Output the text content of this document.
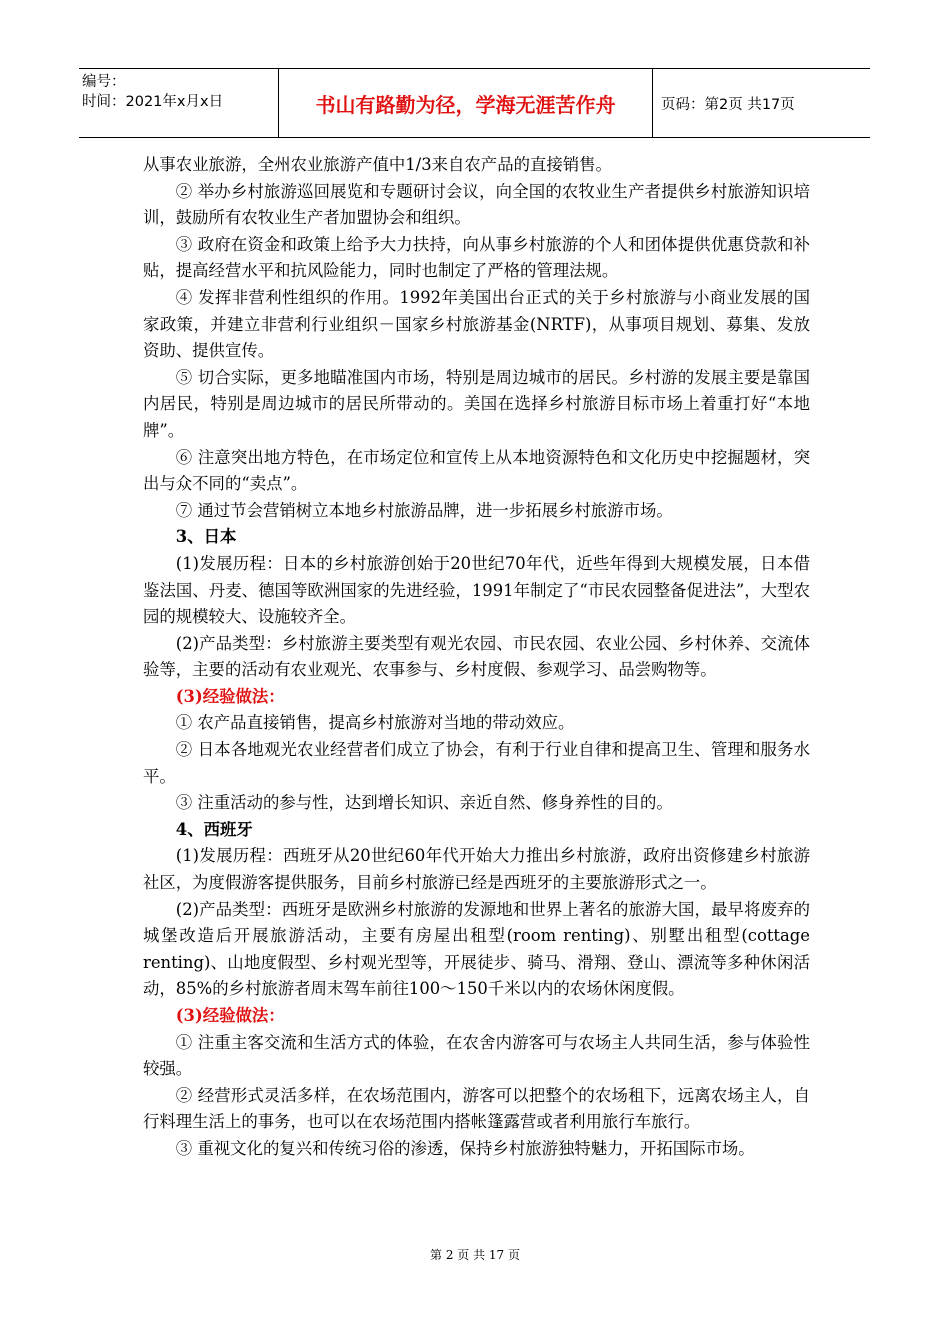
编号：
时间：2021年x月x日	书山有路勤为径，学海无涯苦作舟	页码：第2页 共17页

从事农业旅游，全州农业旅游产值中1/3来自农产品的直接销售。

② 举办乡村旅游巡回展览和专题研讨会议，向全国的农牧业生产者提供乡村旅游知识培训，鼓励所有农牧业生产者加盟协会和组织。

③ 政府在资金和政策上给予大力扶持，向从事乡村旅游的个人和团体提供优惠贷款和补贴，提高经营水平和抗风险能力，同时也制定了严格的管理法规。

④ 发挥非营利性组织的作用。1992年美国出台正式的关于乡村旅游与小商业发展的国家政策，并建立非营利行业组织－国家乡村旅游基金(NRTF)，从事项目规划、募集、发放资助、提供宣传。

⑤ 切合实际，更多地瞄准国内市场，特别是周边城市的居民。乡村游的发展主要是靠国内居民，特别是周边城市的居民所带动的。美国在选择乡村旅游目标市场上着重打好“本地牌”。

⑥ 注意突出地方特色，在市场定位和宣传上从本地资源特色和文化历史中挖掘题材，突出与众不同的“卖点”。

⑦ 通过节会营销树立本地乡村旅游品牌，进一步拓展乡村旅游市场。

3、日本

(1)发展历程：日本的乡村旅游创始于20世纪70年代，近些年得到大规模发展，日本借鉴法国、丹麦、德国等欧洲国家的先进经验，1991年制定了“市民农园整备促进法”，大型农园的规模较大、设施较齐全。

(2)产品类型：乡村旅游主要类型有观光农园、市民农园、农业公园、乡村休养、交流体验等，主要的活动有农业观光、农事参与、乡村度假、参观学习、品尝购物等。

(3)经验做法：

① 农产品直接销售，提高乡村旅游对当地的带动效应。

② 日本各地观光农业经营者们成立了协会，有利于行业自律和提高卫生、管理和服务水平。

③ 注重活动的参与性，达到增长知识、亲近自然、修身养性的目的。

4、西班牙

(1)发展历程：西班牙从20世纪60年代开始大力推出乡村旅游，政府出资修建乡村旅游社区，为度假游客提供服务，目前乡村旅游已经是西班牙的主要旅游形式之一。

(2)产品类型：西班牙是欧洲乡村旅游的发源地和世界上著名的旅游大国，最早将废弃的城堡改造后开展旅游活动，主要有房屋出租型(room renting)、别墅出租型(cottage renting)、山地度假型、乡村观光型等，开展徒步、骑马、滑翔、登山、漂流等多种休闲活动，85%的乡村旅游者周末驾车前往100～150千米以内的农场休闲度假。

(3)经验做法：

① 注重主客交流和生活方式的体验，在农舍内游客可与农场主人共同生活，参与体验性较强。

② 经营形式灵活多样，在农场范围内，游客可以把整个的农场租下，远离农场主人，自行料理生活上的事务，也可以在农场范围内搭帐篷露营或者利用旅行车旅行。

③ 重视文化的复兴和传统习俗的渗透，保持乡村旅游独特魅力，开拓国际市场。

第 2 页 共 17 页
